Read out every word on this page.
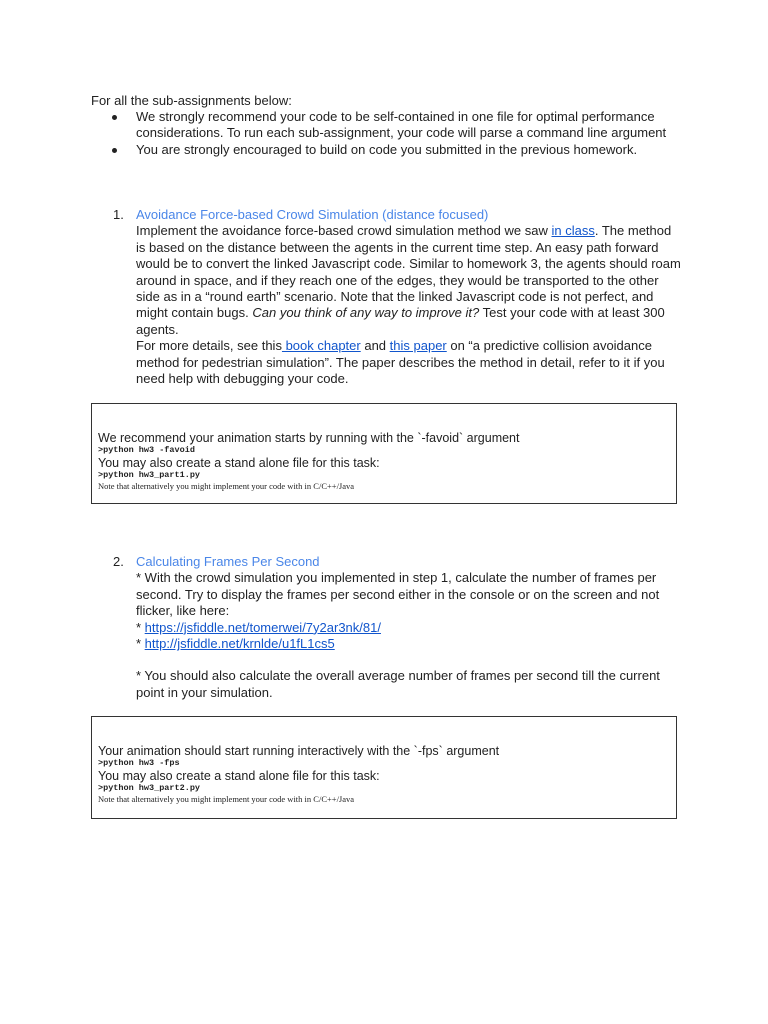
For all the sub-assignments below:
We strongly recommend your code to be self-contained in one file for optimal performance considerations. To run each sub-assignment, your code will parse a command line argument
You are strongly encouraged to build on code you submitted in the previous homework.
1. Avoidance Force-based Crowd Simulation (distance focused)
Implement the avoidance force-based crowd simulation method we saw in class. The method is based on the distance between the agents in the current time step. An easy path forward would be to convert the linked Javascript code. Similar to homework 3, the agents should roam around in space, and if they reach one of the edges, they would be transported to the other side as in a “round earth” scenario. Note that the linked Javascript code is not perfect, and might contain bugs. Can you think of any way to improve it? Test your code with at least 300 agents.
For more details, see this book chapter and this paper on “a predictive collision avoidance method for pedestrian simulation”. The paper describes the method in detail, refer to it if you need help with debugging your code.
We recommend your animation starts by running with the `-favoid` argument
>python hw3 -favoid
You may also create a stand alone file for this task:
>python hw3_part1.py
Note that alternatively you might implement your code with in C/C++/Java
2. Calculating Frames Per Second
* With the crowd simulation you implemented in step 1, calculate the number of frames per second. Try to display the frames per second either in the console or on the screen and not flicker, like here:
* https://jsfiddle.net/tomerwei/7y2ar3nk/81/
* http://jsfiddle.net/krnlde/u1fL1cs5
* You should also calculate the overall average number of frames per second till the current point in your simulation.
Your animation should start running interactively with the `-fps` argument
>python hw3 -fps
You may also create a stand alone file for this task:
>python hw3_part2.py
Note that alternatively you might implement your code with in C/C++/Java
